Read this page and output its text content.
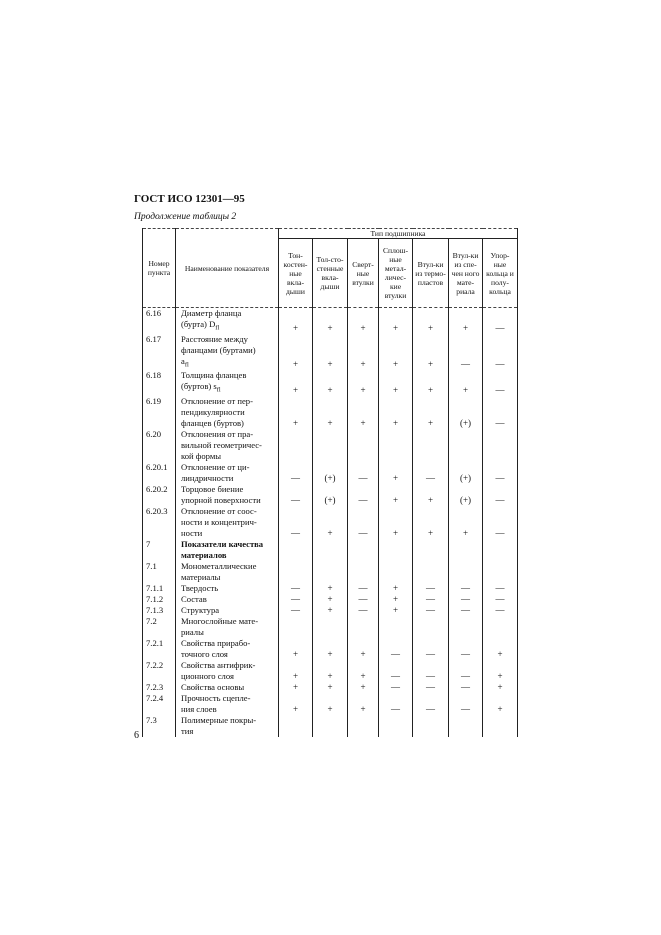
ГОСТ ИСО 12301—95
Продолжение таблицы 2
Номер пункта	Наименование показателя	Тип подшипника						
		Тон-костен-ные вкла-дыши	Тол-сто-стенные вкла-дыши	Сверт-ные втулки	Сплош-ные метал-личес-кие втулки	Втул-ки из термо-пластов	Втул-ки из спе-чен ного мате-риала	Упор-ные кольца и полу-кольца
6.16	Диаметр фланца
(бурта) $D_{fl}$	+	+	+	+	+	+	—
6.17	Расстояние между
фланцами (буртами)
$a_{fl}$	+	+	+	+	+	—	—
6.18	Толщина фланцев
(буртов) $s_{fl}$	+	+	+	+	+	+	—
6.19	Отклонение от пер-
пендикулярности
фланцев (буртов)	+	+	+	+	+	(+)	—
6.20	Отклонения от пра-
вильной геометричес-
кой формы							
6.20.1	Отклонение от ци-
линдричности	—	(+)	—	+	—	(+)	—
6.20.2	Торцовое биение
упорной поверхности	—	(+)	—	+	+	(+)	—
6.20.3	Отклонение от соос-
ности и концентрич-
ности	—	+	—	+	+	+	—
7	Показатели качества
материалов							
7.1	Монометаллические
материалы							
7.1.1	Твердость	—	+	—	+	—	—	—
7.1.2	Состав	—	+	—	+	—	—	—
7.1.3	Структура	—	+	—	+	—	—	—
7.2	Многослойные мате-
риалы							
7.2.1	Свойства прирабо-
точного слоя	+	+	+	—	—	—	+
7.2.2	Свойства антифрик-
ционного слоя	+	+	+	—	—	—	+
7.2.3	Свойства основы	+	+	+	—	—	—	+
7.2.4	Прочность сцепле-
ния слоев	+	+	+	—	—	—	+
7.3	Полимерные покры-
тия							
6
